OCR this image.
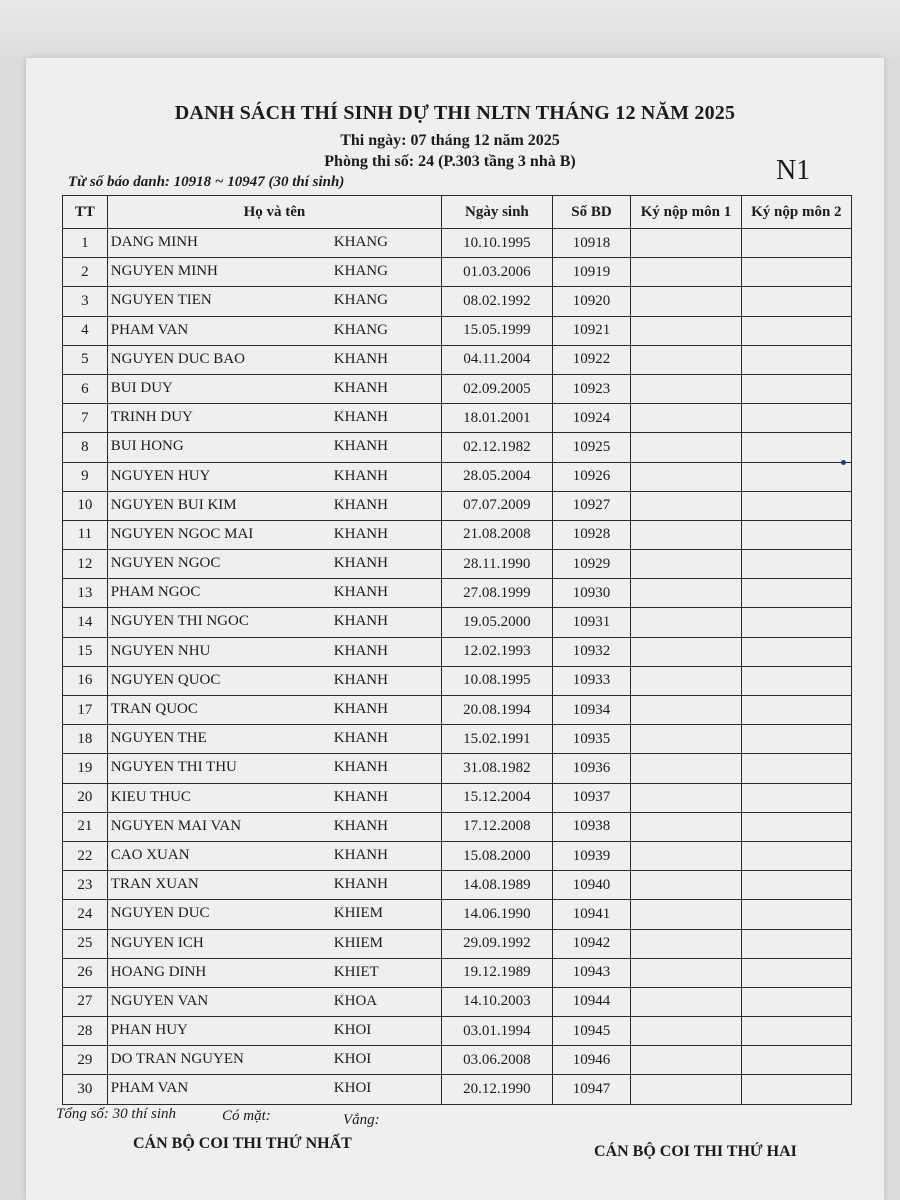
DANH SÁCH THÍ SINH DỰ THI NLTN THÁNG 12 NĂM 2025
Thi ngày: 07 tháng 12 năm 2025
Phòng thi số: 24 (P.303 tầng 3 nhà B)
Từ số báo danh: 10918 ~ 10947 (30 thí sinh)	N1
TT	Họ và tên	Ngày sinh	Số BD	Ký nộp môn 1	Ký nộp môn 2
1	DANG MINH KHANG	10.10.1995	10918		
2	NGUYEN MINH KHANG	01.03.2006	10919		
3	NGUYEN TIEN KHANG	08.02.1992	10920		
4	PHAM VAN KHANG	15.05.1999	10921		
5	NGUYEN DUC BAO KHANH	04.11.2004	10922		
6	BUI DUY KHANH	02.09.2005	10923		
7	TRINH DUY KHANH	18.01.2001	10924		
8	BUI HONG KHANH	02.12.1982	10925		
9	NGUYEN HUY KHANH	28.05.2004	10926		
10	NGUYEN BUI KIM KHANH	07.07.2009	10927		
11	NGUYEN NGOC MAI KHANH	21.08.2008	10928		
12	NGUYEN NGOC KHANH	28.11.1990	10929		
13	PHAM NGOC KHANH	27.08.1999	10930		
14	NGUYEN THI NGOC KHANH	19.05.2000	10931		
15	NGUYEN NHU KHANH	12.02.1993	10932		
16	NGUYEN QUOC KHANH	10.08.1995	10933		
17	TRAN QUOC KHANH	20.08.1994	10934		
18	NGUYEN THE KHANH	15.02.1991	10935		
19	NGUYEN THI THU KHANH	31.08.1982	10936		
20	KIEU THUC KHANH	15.12.2004	10937		
21	NGUYEN MAI VAN KHANH	17.12.2008	10938		
22	CAO XUAN KHANH	15.08.2000	10939		
23	TRAN XUAN KHANH	14.08.1989	10940		
24	NGUYEN DUC KHIEM	14.06.1990	10941		
25	NGUYEN ICH KHIEM	29.09.1992	10942		
26	HOANG DINH KHIET	19.12.1989	10943		
27	NGUYEN VAN KHOA	14.10.2003	10944		
28	PHAN HUY KHOI	03.01.1994	10945		
29	DO TRAN NGUYEN KHOI	03.06.2008	10946		
30	PHAM VAN KHOI	20.12.1990	10947		
Tổng số: 30 thí sinh	Có mặt:	Vắng:
CÁN BỘ COI THI THỨ NHẤT	CÁN BỘ COI THI THỨ HAI
